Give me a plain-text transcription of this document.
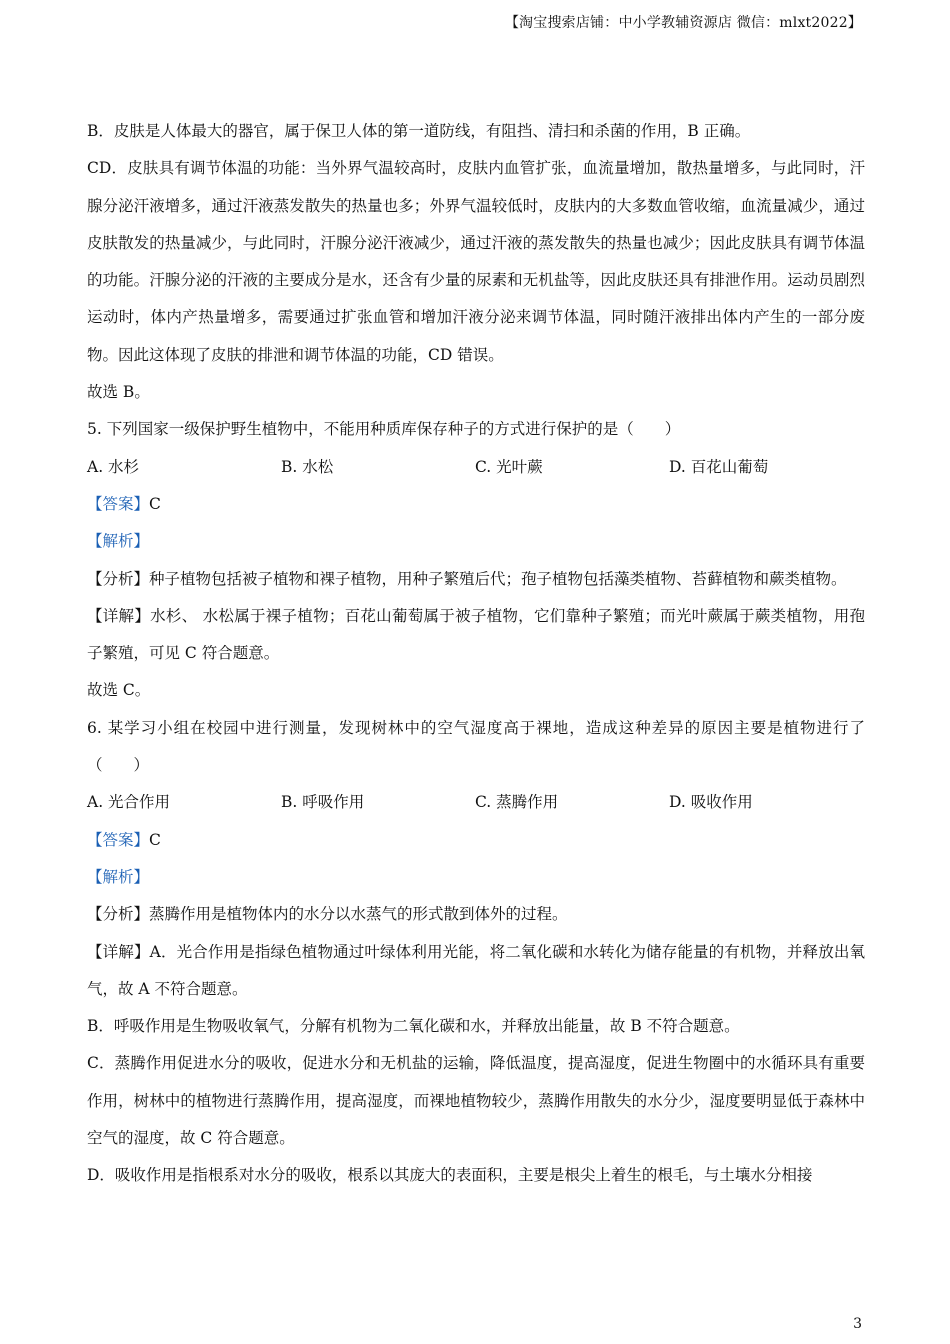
【淘宝搜索店铺：中小学教辅资源店 微信：mlxt2022】

B．皮肤是人体最大的器官，属于保卫人体的第一道防线，有阻挡、清扫和杀菌的作用，B 正确。

CD．皮肤具有调节体温的功能：当外界气温较高时，皮肤内血管扩张，血流量增加，散热量增多，与此同时，汗腺分泌汗液增多，通过汗液蒸发散失的热量也多；外界气温较低时，皮肤内的大多数血管收缩，血流量减少，通过皮肤散发的热量减少，与此同时，汗腺分泌汗液减少，通过汗液的蒸发散失的热量也减少；因此皮肤具有调节体温的功能。汗腺分泌的汗液的主要成分是水，还含有少量的尿素和无机盐等，因此皮肤还具有排泄作用。运动员剧烈运动时，体内产热量增多，需要通过扩张血管和增加汗液分泌来调节体温，同时随汗液排出体内产生的一部分废物。因此这体现了皮肤的排泄和调节体温的功能，CD 错误。

故选 B。

5. 下列国家一级保护野生植物中，不能用种质库保存种子的方式进行保护的是（　　）

A. 水杉	B. 水松	C. 光叶蕨	D. 百花山葡萄

【答案】C

【解析】

【分析】种子植物包括被子植物和裸子植物，用种子繁殖后代；孢子植物包括藻类植物、苔藓植物和蕨类植物。

【详解】水杉、 水松属于裸子植物；百花山葡萄属于被子植物，它们靠种子繁殖；而光叶蕨属于蕨类植物，用孢子繁殖，可见 C 符合题意。

故选 C。

6. 某学习小组在校园中进行测量，发现树林中的空气湿度高于裸地，造成这种差异的原因主要是植物进行了（　　）

A. 光合作用	B. 呼吸作用	C. 蒸腾作用	D. 吸收作用

【答案】C

【解析】

【分析】蒸腾作用是植物体内的水分以水蒸气的形式散到体外的过程。

【详解】A．光合作用是指绿色植物通过叶绿体利用光能，将二氧化碳和水转化为储存能量的有机物，并释放出氧气，故 A 不符合题意。

B．呼吸作用是生物吸收氧气，分解有机物为二氧化碳和水，并释放出能量，故 B 不符合题意。

C．蒸腾作用促进水分的吸收，促进水分和无机盐的运输，降低温度，提高湿度，促进生物圈中的水循环具有重要作用，树林中的植物进行蒸腾作用，提高湿度，而裸地植物较少，蒸腾作用散失的水分少，湿度要明显低于森林中空气的湿度，故 C 符合题意。

D．吸收作用是指根系对水分的吸收，根系以其庞大的表面积，主要是根尖上着生的根毛，与土壤水分相接

3
